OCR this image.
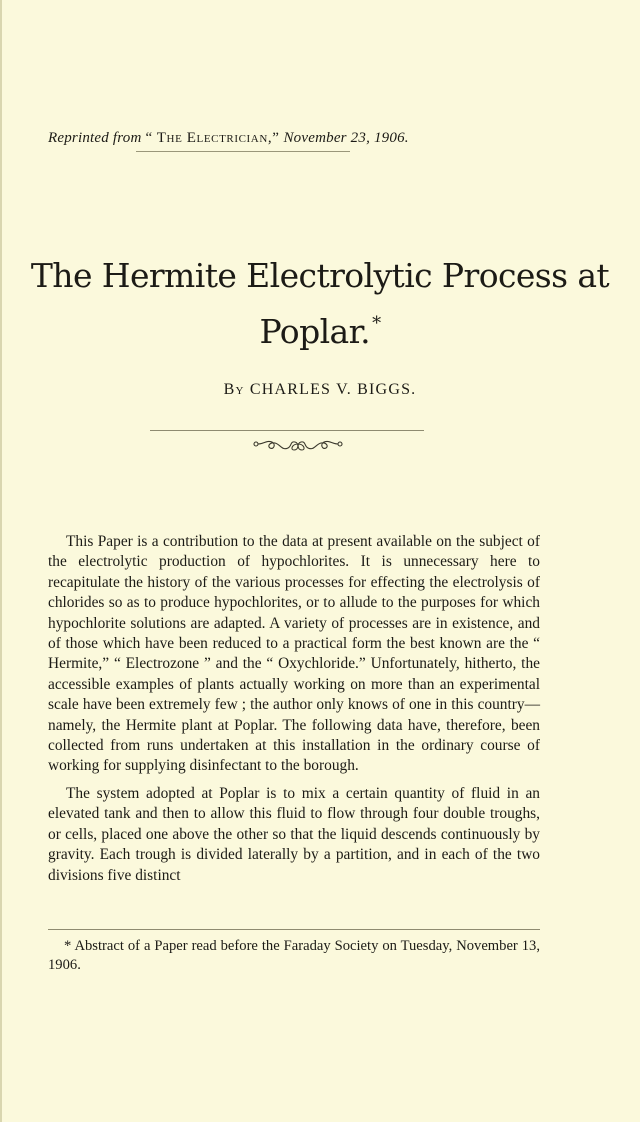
Reprinted from “ The Electrician,” November 23, 1906.
The Hermite Electrolytic Process at
Poplar. *
By CHARLES V. BIGGS.

This Paper is a contribution to the data at present available on the subject of the electrolytic production of hypochlorites. It is unnecessary here to recapitulate the history of the various processes for effecting the electrolysis of chlorides so as to produce hypochlorites, or to allude to the purposes for which hypochlorite solutions are adapted. A variety of processes are in existence, and of those which have been reduced to a practical form the best known are the “ Hermite,” “ Electrozone ” and the “ Oxychloride.” Unfortunately, hitherto, the accessible examples of plants actually working on more than an experimental scale have been extremely few ; the author only knows of one in this country—namely, the Hermite plant at Poplar. The following data have, therefore, been collected from runs undertaken at this installation in the ordinary course of working for supplying disinfectant to the borough.

The system adopted at Poplar is to mix a certain quantity of fluid in an elevated tank and then to allow this fluid to flow through four double troughs, or cells, placed one above the other so that the liquid descends continuously by gravity. Each trough is divided laterally by a partition, and in each of the two divisions five distinct

* Abstract of a Paper read before the Faraday Society on Tuesday, November 13, 1906.
